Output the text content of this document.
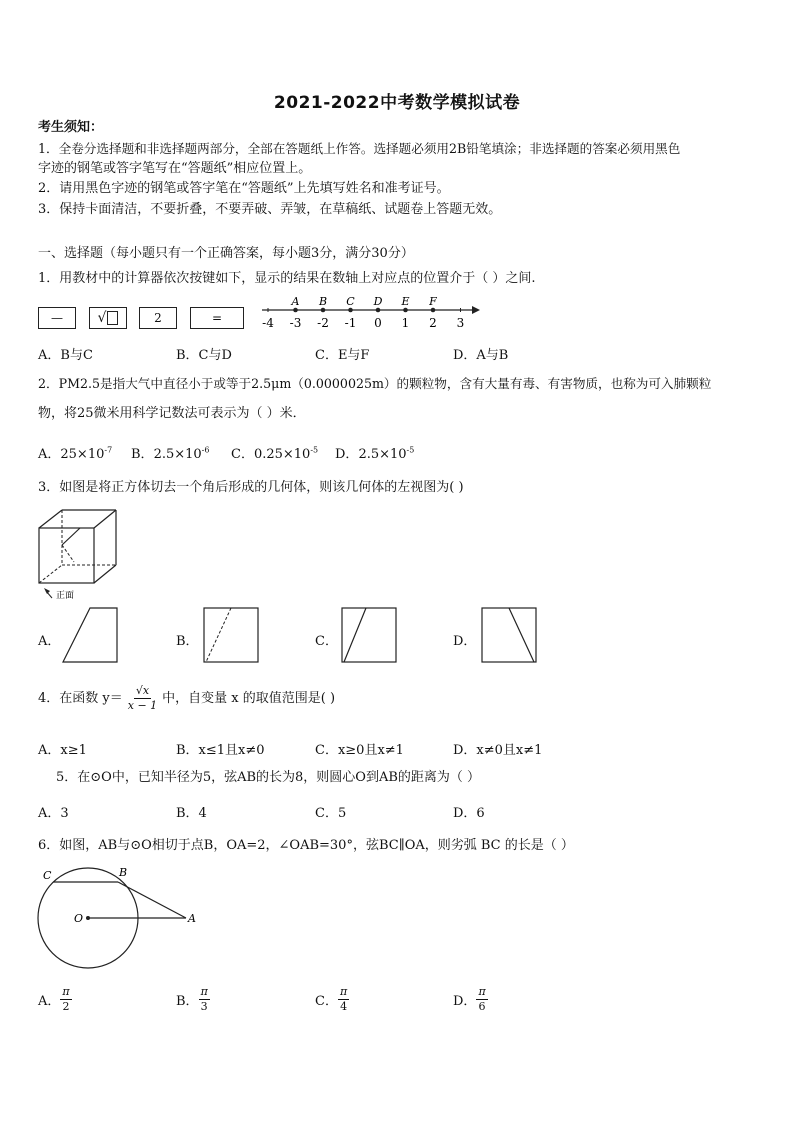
2021-2022中考数学模拟试卷
考生须知：
1．全卷分选择题和非选择题两部分，全部在答题纸上作答。选择题必须用2B铅笔填涂；非选择题的答案必须用黑色
字迹的钢笔或答字笔写在“答题纸”相应位置上。
2．请用黑色字迹的钢笔或答字笔在“答题纸”上先填写姓名和准考证号。
3．保持卡面清洁，不要折叠，不要弄破、弄皱，在草稿纸、试题卷上答题无效。
一、选择题（每小题只有一个正确答案，每小题3分，满分30分）
1．用教材中的计算器依次按键如下，显示的结果在数轴上对应点的位置介于（ ）之间.
—	√	2	=	-4 -3 -2 -1 0 1 2 3
A B C D E F
A．B与C	B．C与D	C．E与F	D．A与B
2．PM2.5是指大气中直径小于或等于2.5μm（0.0000025m）的颗粒物，含有大量有毒、有害物质，也称为可入肺颗粒
物，将25微米用科学记数法可表示为（ ）米．
A．$25\times 10^{-7}$ B．$2.5\times 10^{-6}$ C．$0.25\times 10^{-5}$ D．$2.5\times 10^{-5}$
3．如图是将正方体切去一个角后形成的几何体，则该几何体的左视图为( )
正面
A．	B．	C．	D．
4．在函数 $y= \frac{√x}{x - 1}$ 中，自变量 x 的取值范围是( )
A．x≥1	B．x≤1且x≠0	C．x≥0且x≠1	D．x≠0且x≠1
5．在⊙O中，已知半径为5，弦AB的长为8，则圆心O到AB的距离为（ ）
A．3	B．4	C．5	D．6
6．如图，AB与⊙O相切于点B，OA=2，∠OAB=30°，弦BC∥OA，则劣弧 BC 的长是（ ）
C	B
O	A
A． $\frac{\pi}{2}$	B． $\frac{\pi}{3}$	C． $\frac{\pi}{4}$	D． $\frac{\pi}{6}$
